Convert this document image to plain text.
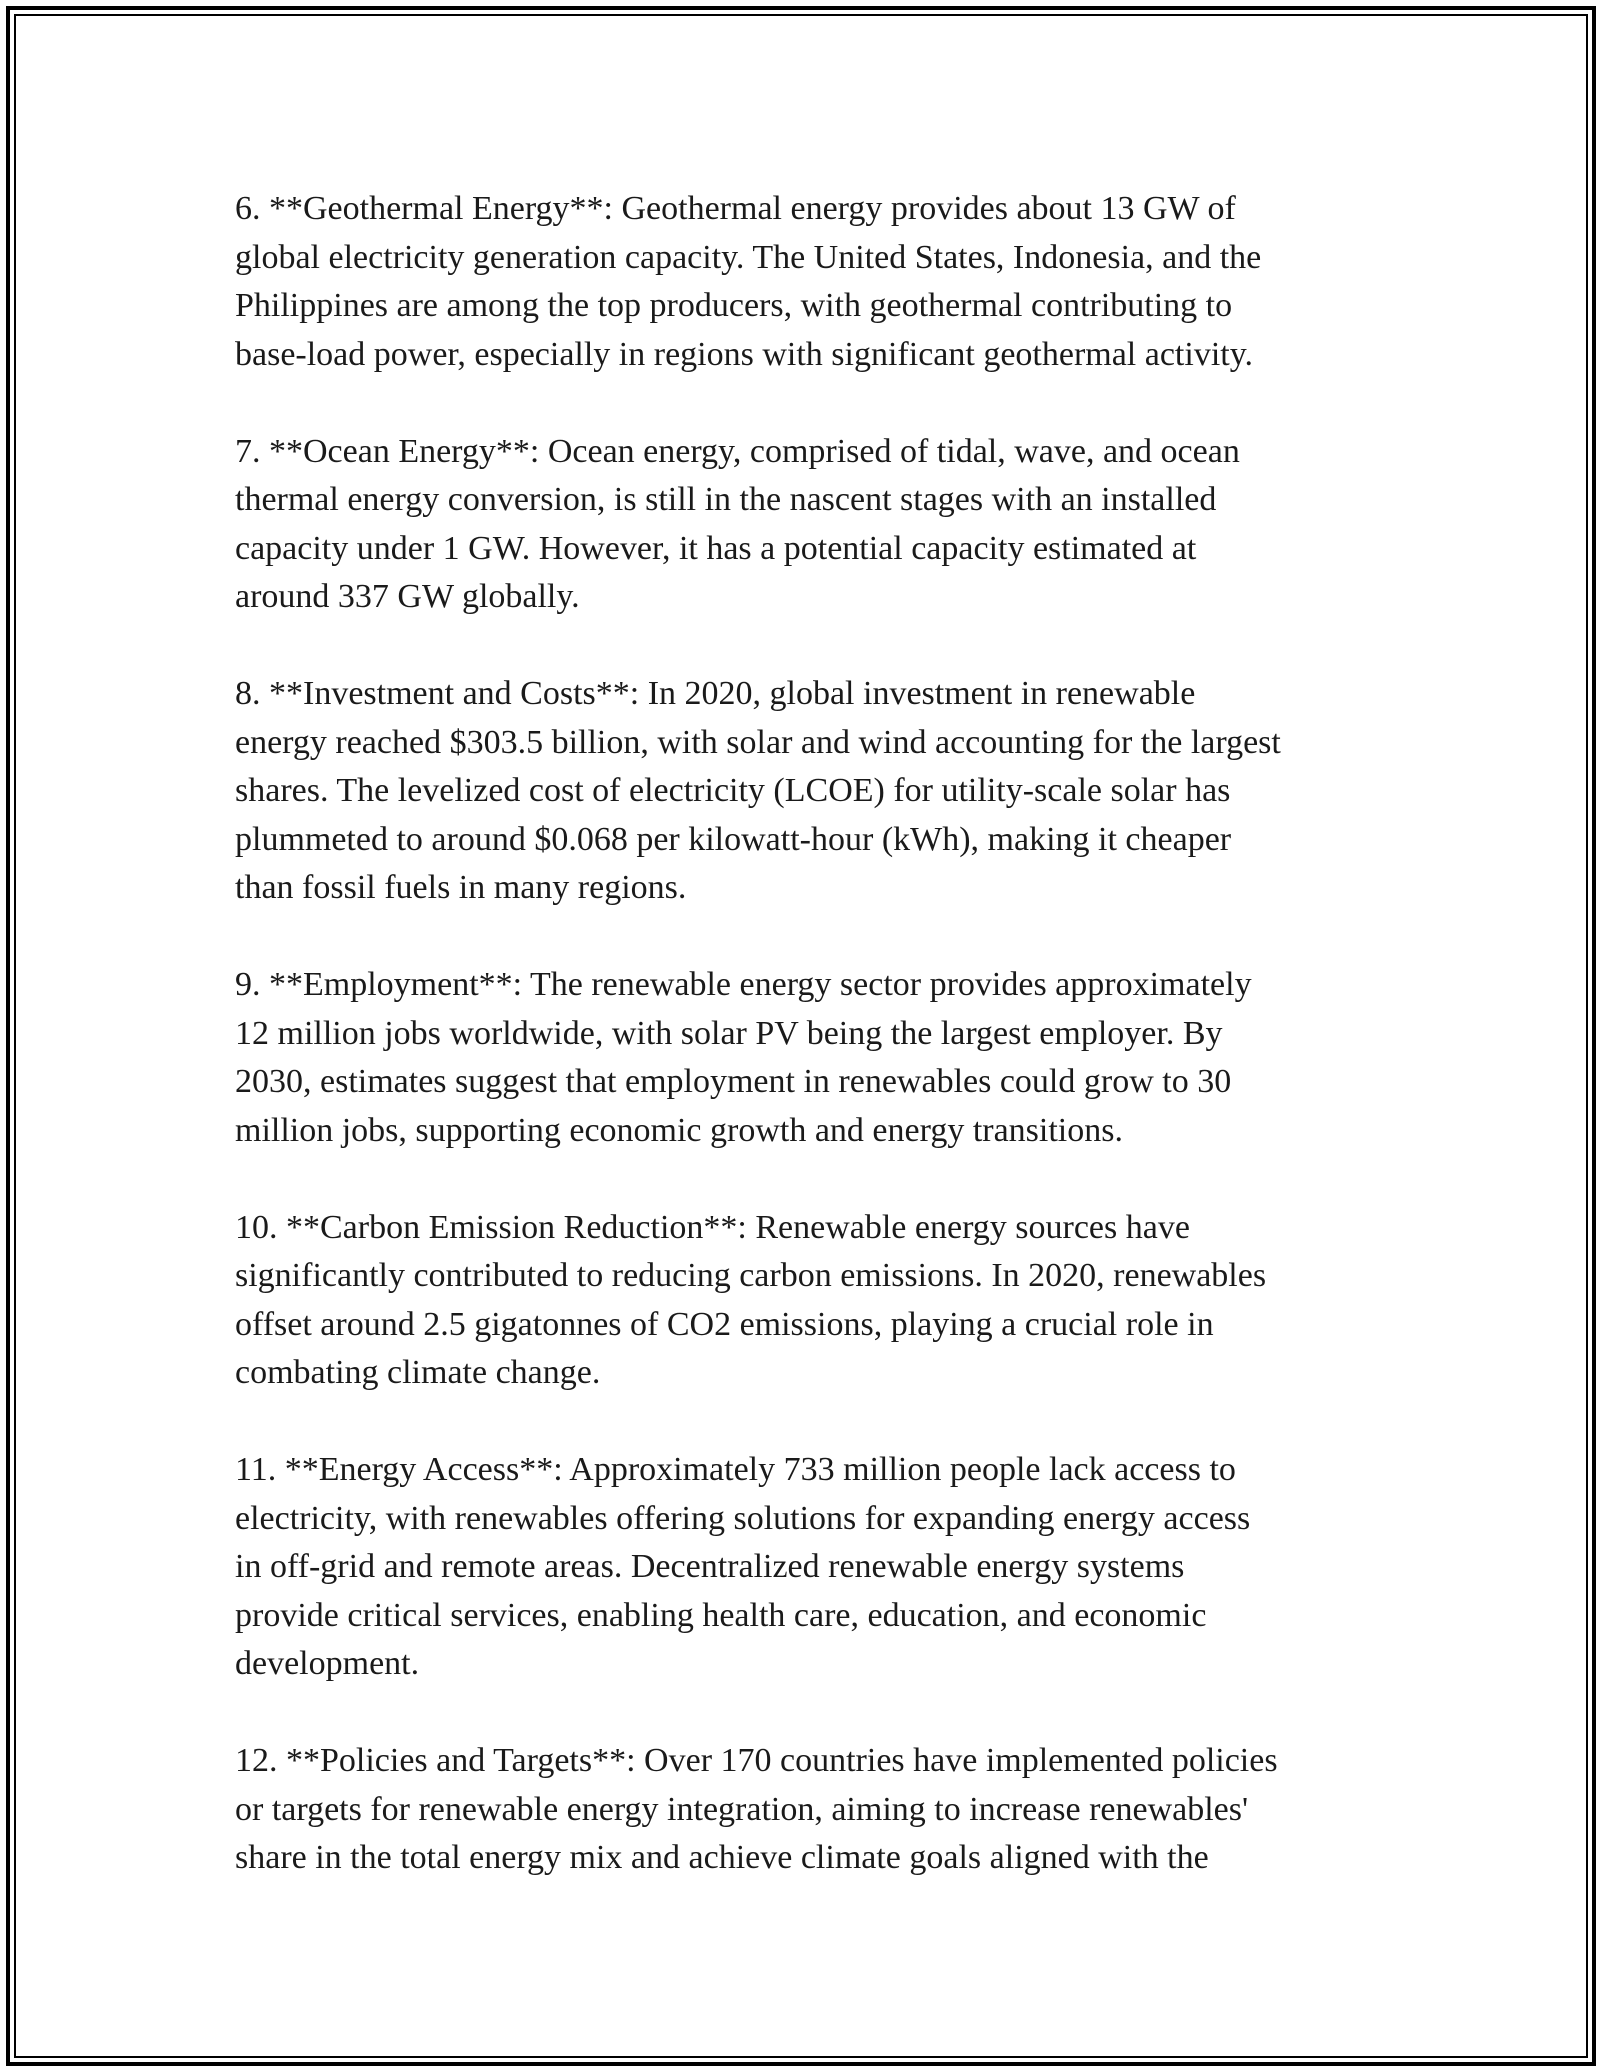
6. **Geothermal Energy**: Geothermal energy provides about 13 GW of
global electricity generation capacity. The United States, Indonesia, and the
Philippines are among the top producers, with geothermal contributing to
base-load power, especially in regions with significant geothermal activity.

7. **Ocean Energy**: Ocean energy, comprised of tidal, wave, and ocean
thermal energy conversion, is still in the nascent stages with an installed
capacity under 1 GW. However, it has a potential capacity estimated at
around 337 GW globally.

8. **Investment and Costs**: In 2020, global investment in renewable
energy reached $303.5 billion, with solar and wind accounting for the largest
shares. The levelized cost of electricity (LCOE) for utility-scale solar has
plummeted to around $0.068 per kilowatt-hour (kWh), making it cheaper
than fossil fuels in many regions.

9. **Employment**: The renewable energy sector provides approximately
12 million jobs worldwide, with solar PV being the largest employer. By
2030, estimates suggest that employment in renewables could grow to 30
million jobs, supporting economic growth and energy transitions.

10. **Carbon Emission Reduction**: Renewable energy sources have
significantly contributed to reducing carbon emissions. In 2020, renewables
offset around 2.5 gigatonnes of CO2 emissions, playing a crucial role in
combating climate change.

11. **Energy Access**: Approximately 733 million people lack access to
electricity, with renewables offering solutions for expanding energy access
in off-grid and remote areas. Decentralized renewable energy systems
provide critical services, enabling health care, education, and economic
development.

12. **Policies and Targets**: Over 170 countries have implemented policies
or targets for renewable energy integration, aiming to increase renewables'
share in the total energy mix and achieve climate goals aligned with the
